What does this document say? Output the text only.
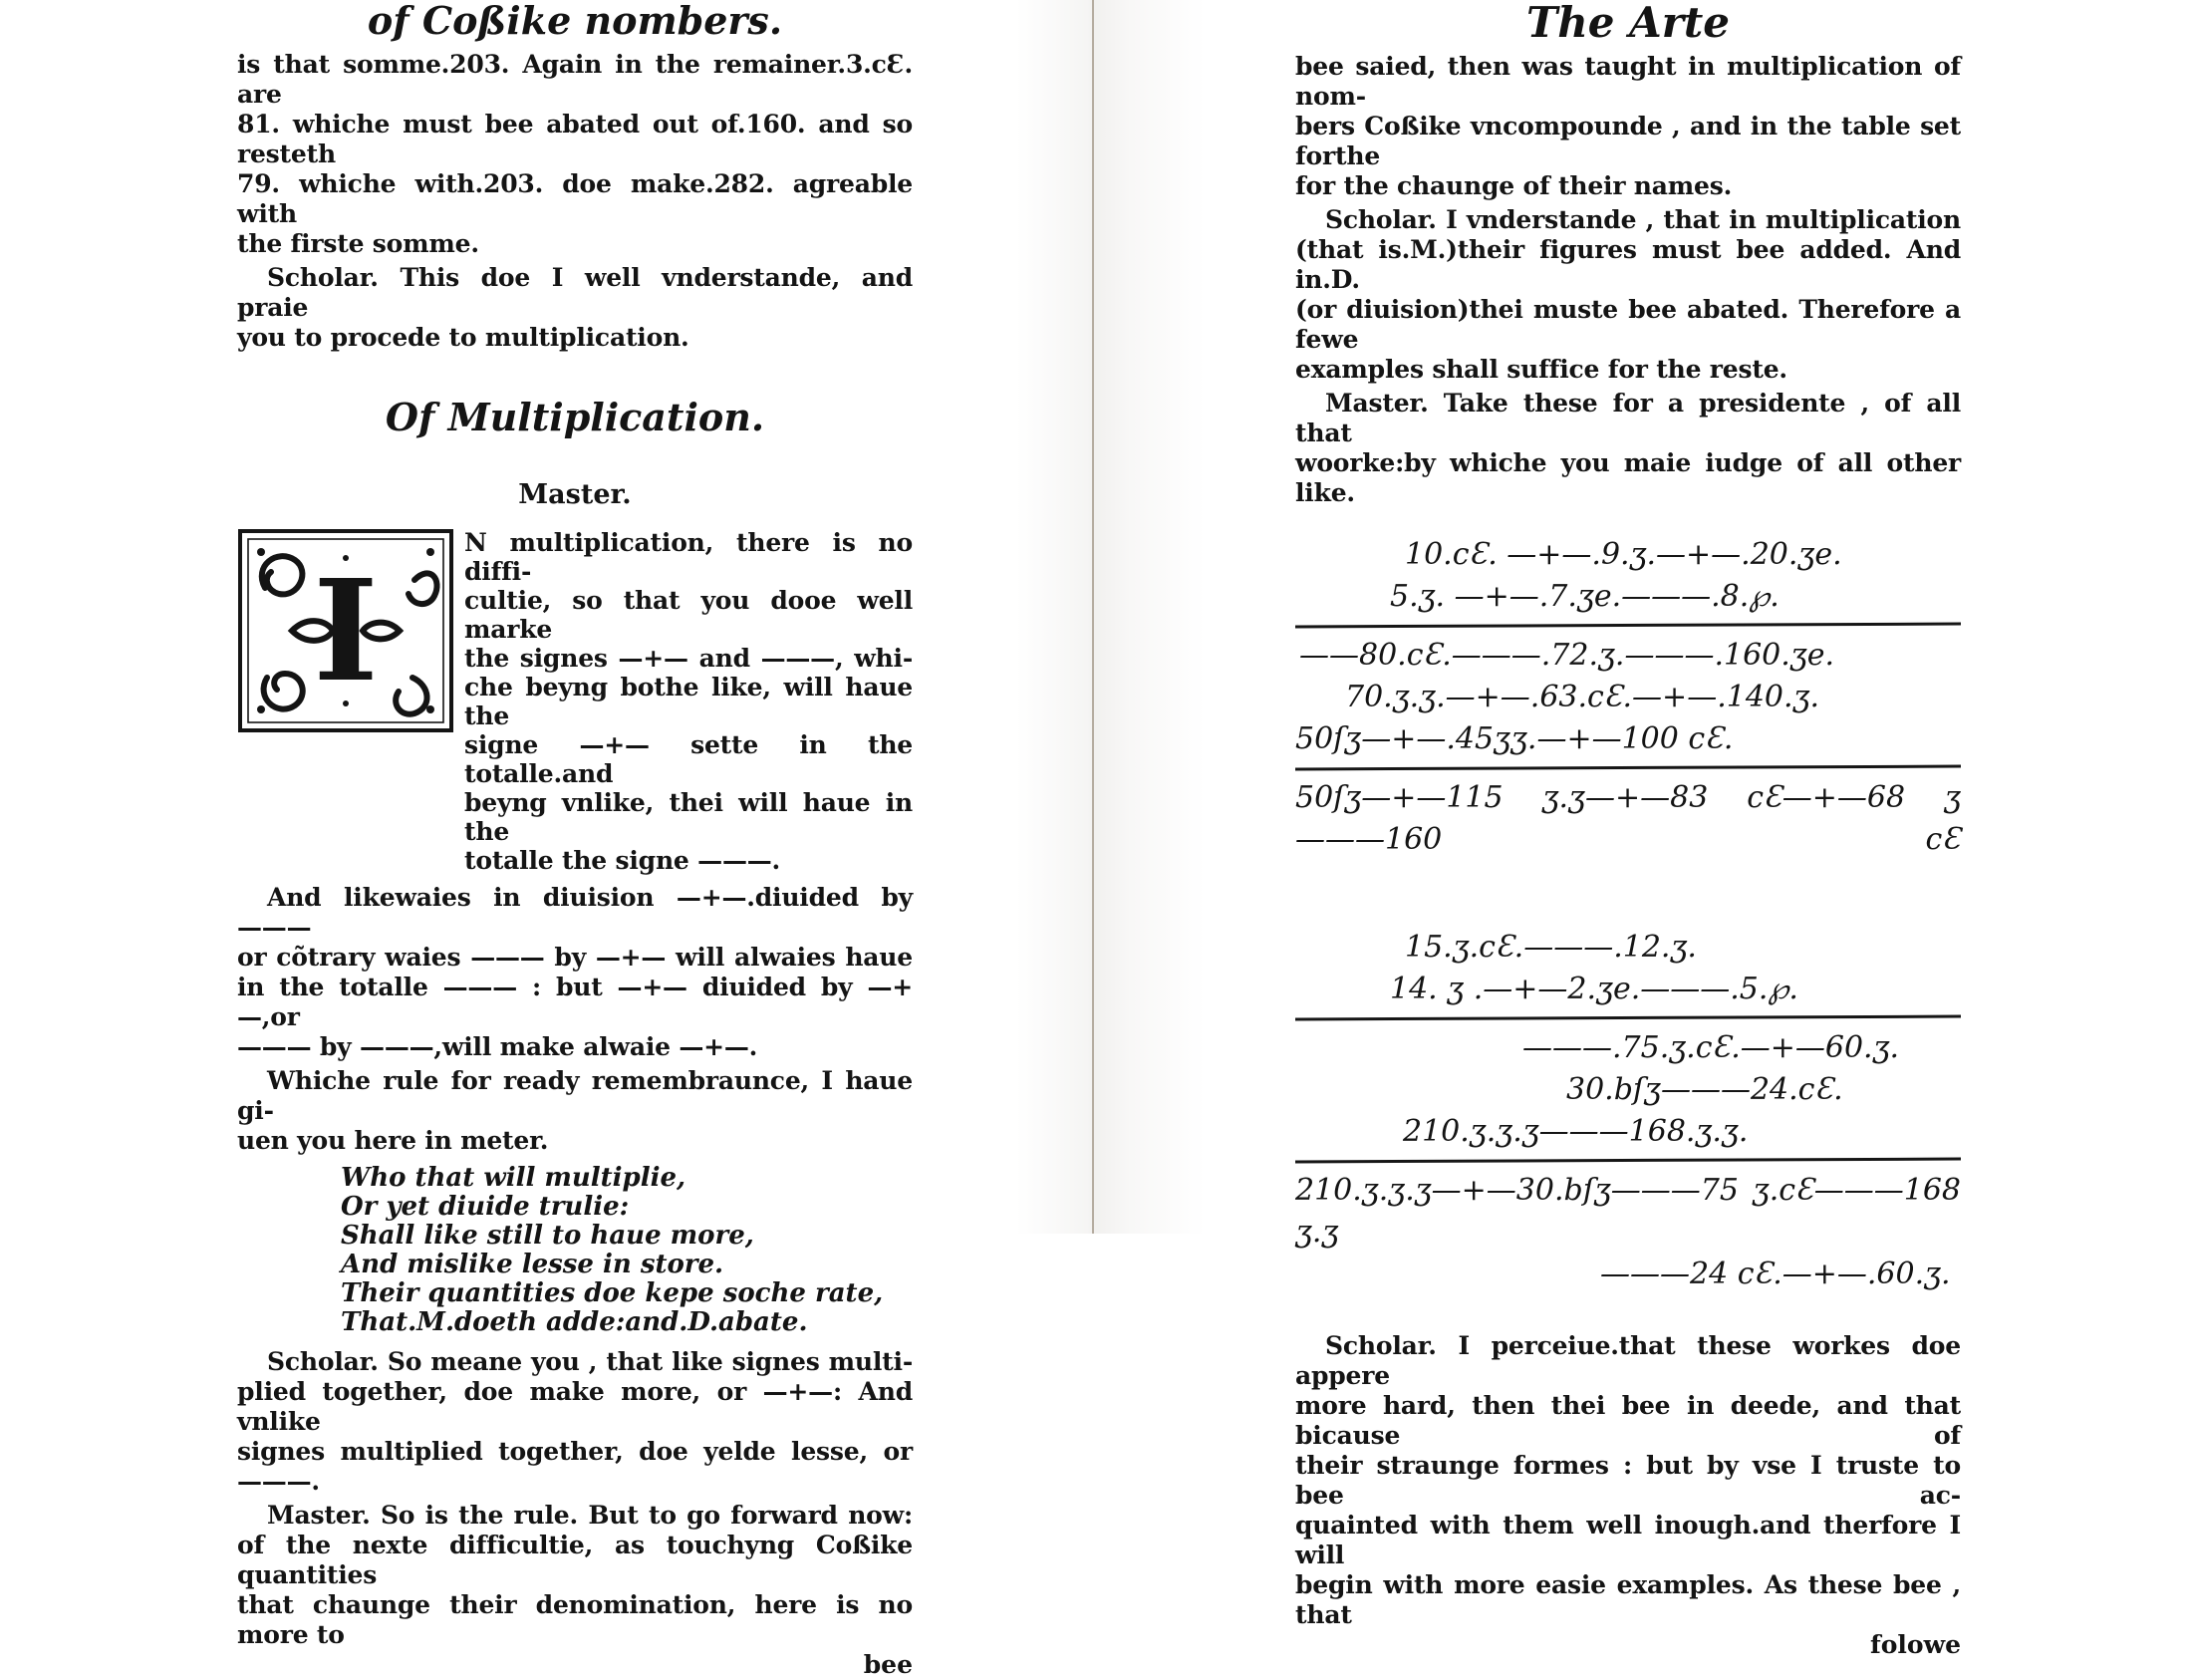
of Coßike nombers.
is that somme.203. Again in the remainer.3.cƐ. are
81. whiche must bee abated out of.160. and so resteth
79. whiche with.203. doe make.282. agreable with
the firste somme.
Scholar. This doe I well vnderstande, and praie
you to procede to multiplication.
Of Multiplication.
Master.
I
N multiplication, there is no diffi-
cultie, so that you dooe well marke
the signes —+— and ———, whi-
che beyng bothe like, will haue the
signe —+— sette in the totalle.and
beyng vnlike, thei will haue in the
totalle the signe ———.
And likewaies in diuision —+—.diuided by———
or cõtrary waies ——— by —+— will alwaies haue
in the totalle ——— : but —+— diuided by —+—,or
——— by ———,will make alwaie —+—.
Whiche rule for ready remembraunce, I haue gi-
uen you here in meter.
Who that will multiplie,
Or yet diuide trulie:
Shall like still to haue more,
And mislike lesse in store.
Their quantities doe kepe soche rate,
That.M.doeth adde:and.D.abate.
Scholar. So meane you , that like signes multi-
plied together, doe make more, or —+—: And vnlike
signes multiplied together, doe yelde lesse, or ———.
Master. So is the rule. But to go forward now:
of the nexte difficultie, as touchyng Coßike quantities
that chaunge their denomination, here is no more to
bee
The Arte
bee saied, then was taught in multiplication of nom-
bers Coßike vncompounde , and in the table set forthe
for the chaunge of their names.
Scholar. I vnderstande , that in multiplication
(that is.M.)their figures must bee added. And in.D.
(or diuision)thei muste bee abated. Therefore a fewe
examples shall suffice for the reste.
Master. Take these for a presidente , of all that
woorke:by whiche you maie iudge of all other like.
10.cƐ. —+—.9.ʒ.—+—.20.ʒe.
5.ʒ. —+—.7.ʒe.———.8.℘.
——80.cƐ.———.72.ʒ.———.160.ʒe.
70.ʒ.ʒ.—+—.63.cƐ.—+—.140.ʒ.
50ſʒ—+—.45ʒʒ.—+—100 cƐ.
50ſʒ—+—115 ʒ.ʒ—+—83 cƐ—+—68 ʒ———160 cƐ
15.ʒ.cƐ.———.12.ʒ.
14. ʒ .—+—2.ʒe.———.5.℘.
———.75.ʒ.cƐ.—+—60.ʒ.
30.bſʒ———24.cƐ.
210.ʒ.ʒ.ʒ———168.ʒ.ʒ.
210.ʒ.ʒ.ʒ—+—30.bſʒ———75 ʒ.cƐ———168 ʒ.ʒ
———24 cƐ.—+—.60.ʒ.
Scholar. I perceiue.that these workes doe appere
more hard, then thei bee in deede, and that bicause of
their straunge formes : but by vse I truste to bee ac-
quainted with them well inough.and therfore I will
begin with more easie examples. As these bee , that
folowe
